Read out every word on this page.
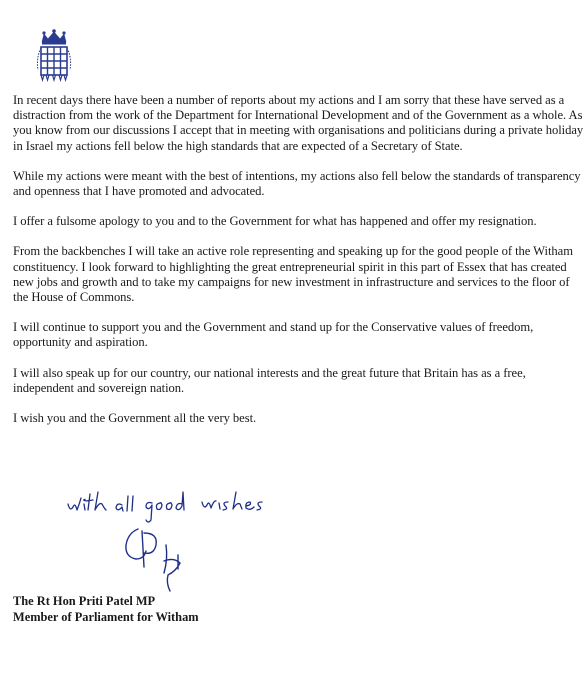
In recent days there have been a number of reports about my actions and I am sorry that these have served as a distraction from the work of the Department for International Development and of the Government as a whole. As you know from our discussions I accept that in meeting with organisations and politicians during a private holiday in Israel my actions fell below the high standards that are expected of a Secretary of State.

While my actions were meant with the best of intentions, my actions also fell below the standards of transparency and openness that I have promoted and advocated.

I offer a fulsome apology to you and to the Government for what has happened and offer my resignation.

From the backbenches I will take an active role representing and speaking up for the good people of the Witham constituency. I look forward to highlighting the great entrepreneurial spirit in this part of Essex that has created new jobs and growth and to take my campaigns for new investment in infrastructure and services to the floor of the House of Commons.

I will continue to support you and the Government and stand up for the Conservative values of freedom, opportunity and aspiration.

I will also speak up for our country, our national interests and the great future that Britain has as a free, independent and sovereign nation.

I wish you and the Government all the very best.

The Rt Hon Priti Patel MP
Member of Parliament for Witham
